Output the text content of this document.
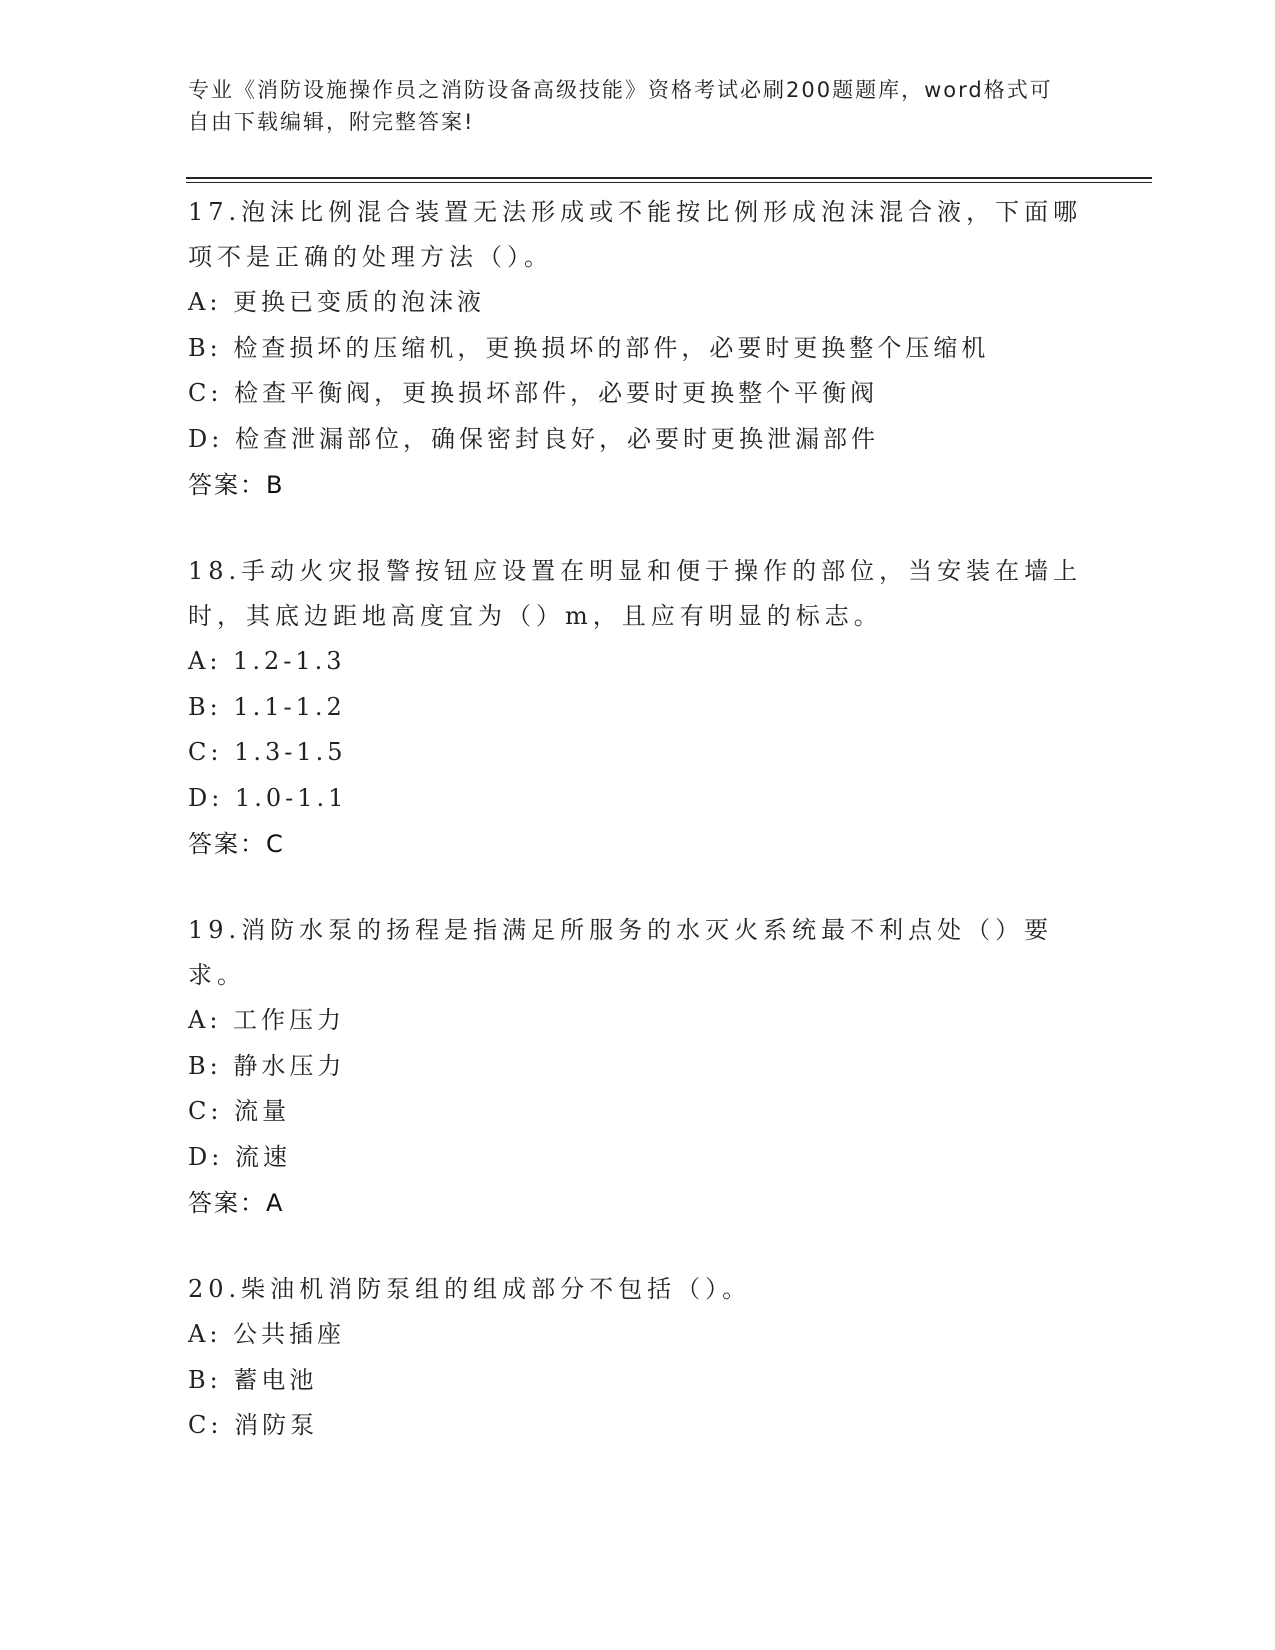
专业《消防设施操作员之消防设备高级技能》资格考试必刷200题题库，word格式可自由下载编辑，附完整答案!
17.泡沫比例混合装置无法形成或不能按比例形成泡沫混合液，下面哪项不是正确的处理方法（）。
A: 更换已变质的泡沫液
B: 检查损坏的压缩机，更换损坏的部件，必要时更换整个压缩机
C: 检查平衡阀，更换损坏部件，必要时更换整个平衡阀
D: 检查泄漏部位，确保密封良好，必要时更换泄漏部件
答案：B
18.手动火灾报警按钮应设置在明显和便于操作的部位，当安装在墙上时，其底边距地高度宜为（）m，且应有明显的标志。
A: 1.2-1.3
B: 1.1-1.2
C: 1.3-1.5
D: 1.0-1.1
答案：C
19.消防水泵的扬程是指满足所服务的水灭火系统最不利点处（）要求。
A: 工作压力
B: 静水压力
C: 流量
D: 流速
答案：A
20.柴油机消防泵组的组成部分不包括（）。
A: 公共插座
B: 蓄电池
C: 消防泵
